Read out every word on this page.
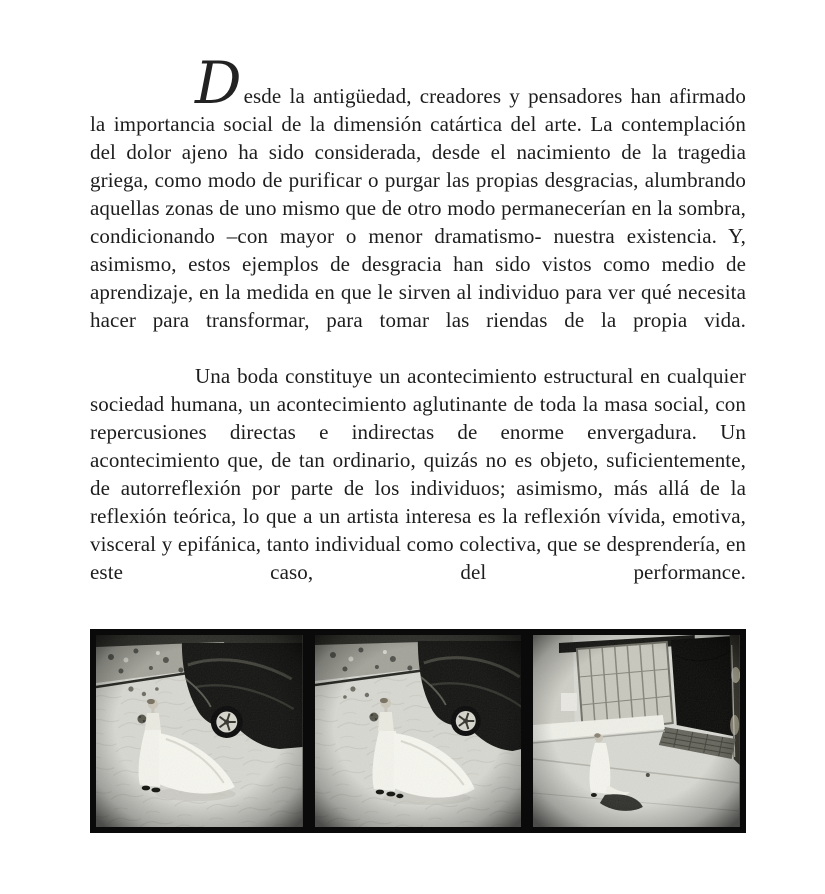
Desde la antigüedad, creadores y pensadores han afirmado la importancia social de la dimensión catártica del arte. La contemplación del dolor ajeno ha sido considerada, desde el nacimiento de la tragedia griega, como modo de purificar o purgar las propias desgracias, alumbrando aquellas zonas de uno mismo que de otro modo permanecerían en la sombra, condicionando –con mayor o menor dramatismo- nuestra existencia. Y, asimismo, estos ejemplos de desgracia han sido vistos como medio de aprendizaje, en la medida en que le sirven al individuo para ver qué necesita hacer para transformar, para tomar las riendas de la propia vida.

Una boda constituye un acontecimiento estructural en cualquier sociedad humana, un acontecimiento aglutinante de toda la masa social, con repercusiones directas e indirectas de enorme envergadura. Un acontecimiento que, de tan ordinario, quizás no es objeto, suficientemente, de autorreflexión por parte de los individuos; asimismo, más allá de la reflexión teórica, lo que a un artista interesa es la reflexión vívida, emotiva, visceral y epifánica, tanto individual como colectiva, que se desprendería, en este caso, del performance.
